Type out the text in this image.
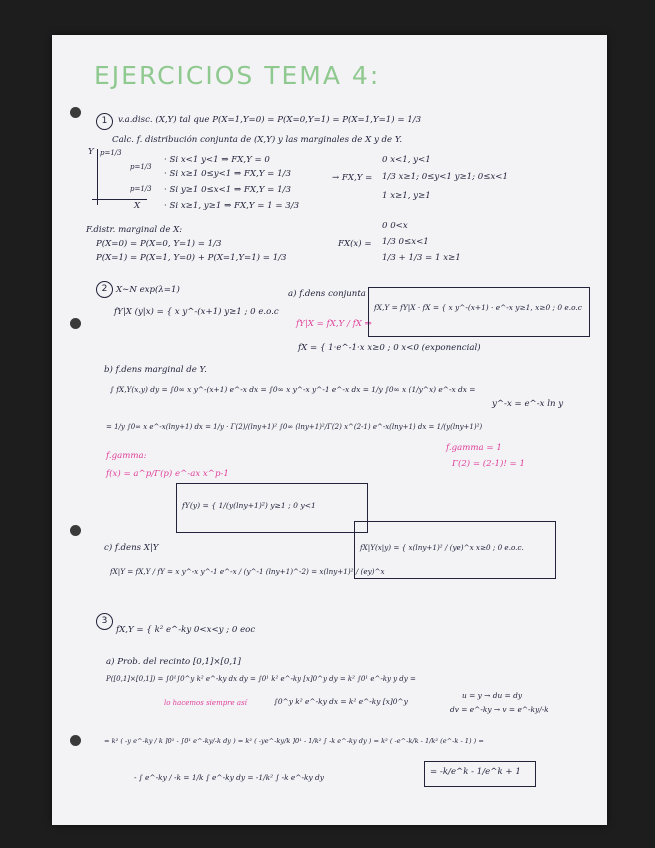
EJERCICIOS TEMA 4:
1	v.a.disc. (X,Y) tal que P(X=1,Y=0) = P(X=0,Y=1) = P(X=1,Y=1) = 1/3
Calc. f. distribución conjunta de (X,Y) y las marginales de X y de Y.
Y
X
p=1/3
p=1/3
p=1/3
· Si x<1 y<1 ⇒ FX,Y = 0
· Si x≥1 0≤y<1 ⇒ FX,Y = 1/3
· Si y≥1 0≤x<1 ⇒ FX,Y = 1/3
· Si x≥1, y≥1 ⇒ FX,Y = 1 = 3/3
→ FX,Y =
0 x<1, y<1
1/3 x≥1; 0≤y<1 y≥1; 0≤x<1
1 x≥1, y≥1
F.distr. marginal de X:
P(X=0) = P(X=0, Y=1) = 1/3
P(X=1) = P(X=1, Y=0) + P(X=1,Y=1) = 1/3
FX(x) =
0 0<x
1/3 0≤x<1
1/3 + 1/3 = 1 x≥1
2	X∼N exp(λ=1)
fY|X (y|x) = { x y^-(x+1) y≥1 ; 0 e.o.c
a) f.dens conjunta
fY|X = fX,Y / fX ⇒
fX,Y = fY|X · fX = { x y^-(x+1) · e^-x y≥1, x≥0 ; 0 e.o.c
fX = { 1·e^-1·x x≥0 ; 0 x<0 (exponencial)
b) f.dens marginal de Y.
∫ fX,Y(x,y) dy = ∫0∞ x y^-(x+1) e^-x dx = ∫0∞ x y^-x y^-1 e^-x dx = 1/y ∫0∞ x (1/y^x) e^-x dx =
y^-x = e^-x ln y
= 1/y ∫0∞ x e^-x(lny+1) dx = 1/y · Γ(2)/(lny+1)² ∫0∞ (lny+1)²/Γ(2) x^(2-1) e^-x(lny+1) dx = 1/(y(lny+1)²)
f.gamma:
f(x) = a^p/Γ(p) e^-ax x^p-1
f.gamma = 1
Γ(2) = (2-1)! = 1
fY(y) = { 1/(y(lny+1)²) y≥1 ; 0 y<1
c) f.dens X|Y
fX|Y = fX,Y / fY = x y^-x y^-1 e^-x / (y^-1 (lny+1)^-2) = x(lny+1)² / (ey)^x
fX|Y(x|y) = { x(lny+1)² / (ye)^x x≥0 ; 0 e.o.c.
3
fX,Y = { k² e^-ky 0<x<y ; 0 eoc
a) Prob. del recinto [0,1]×[0,1]
P([0,1]×[0,1]) = ∫0¹∫0^y k² e^-ky dx dy = ∫0¹ k² e^-ky [x]0^y dy = k² ∫0¹ e^-ky y dy =
u = y → du = dy
dv = e^-ky → v = e^-ky/-k
lo hacemos siempre así	∫0^y k² e^-ky dx = k² e^-ky [x]0^y
= k² ( -y e^-ky / k ]0¹ - ∫0¹ e^-ky/-k dy ) = k² ( -ye^-ky/k ]0¹ - 1/k² ∫ -k e^-ky dy ) = k² ( -e^-k/k - 1/k² (e^-k - 1) ) =
- ∫ e^-ky / -k = 1/k ∫ e^-ky dy = -1/k² ∫ -k e^-ky dy
= -k/e^k - 1/e^k + 1
